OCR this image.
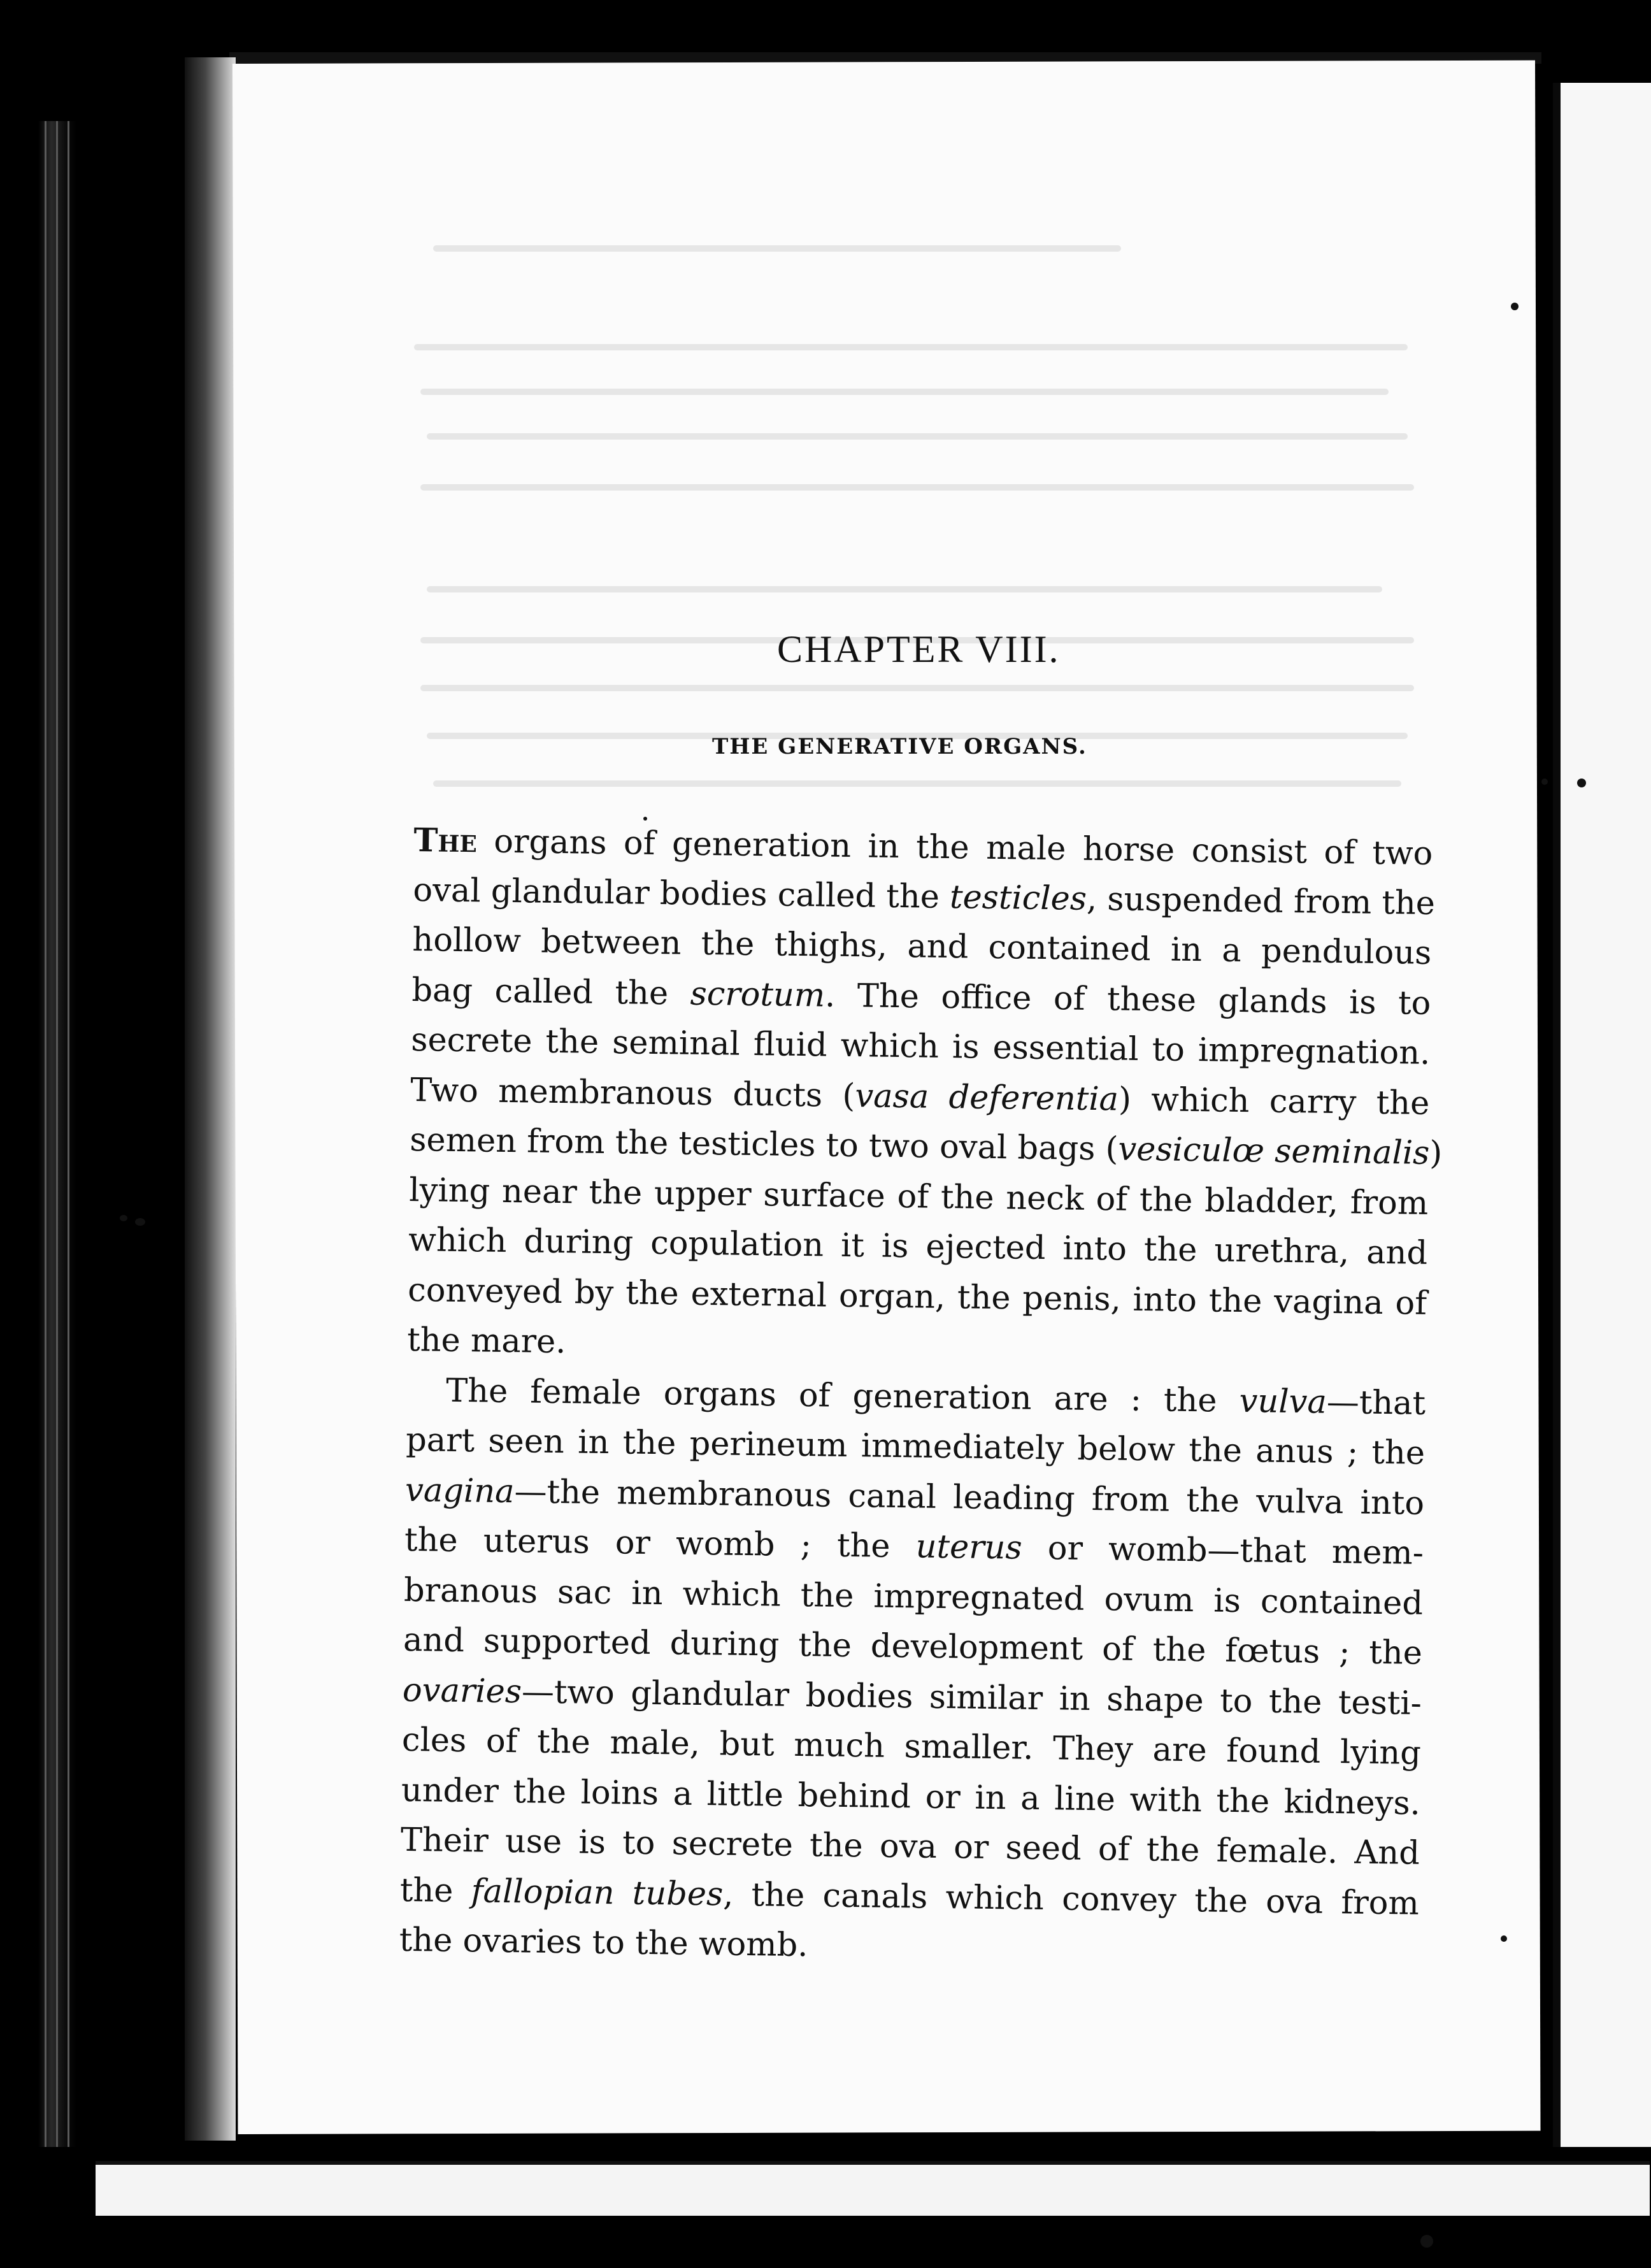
CHAPTER VIII.
THE GENERATIVE ORGANS.
The organs of generation in the male horse consist of two
oval glandular bodies called the testicles, suspended from the
hollow between the thighs, and contained in a pendulous
bag called the scrotum. The office of these glands is to
secrete the seminal fluid which is essential to impregnation.
Two membranous ducts (vasa deferentia) which carry the
semen from the testicles to two oval bags (vesiculœ seminalis)
lying near the upper surface of the neck of the bladder, from
which during copulation it is ejected into the urethra, and
conveyed by the external organ, the penis, into the vagina of
the mare.
The female organs of generation are : the vulva—that
part seen in the perineum immediately below the anus ; the
vagina—the membranous canal leading from the vulva into
the uterus or womb ; the uterus or womb—that mem-
branous sac in which the impregnated ovum is contained
and supported during the development of the fœtus ; the
ovaries—two glandular bodies similar in shape to the testi-
cles of the male, but much smaller. They are found lying
under the loins a little behind or in a line with the kidneys.
Their use is to secrete the ova or seed of the female. And
the fallopian tubes, the canals which convey the ova from
the ovaries to the womb.
